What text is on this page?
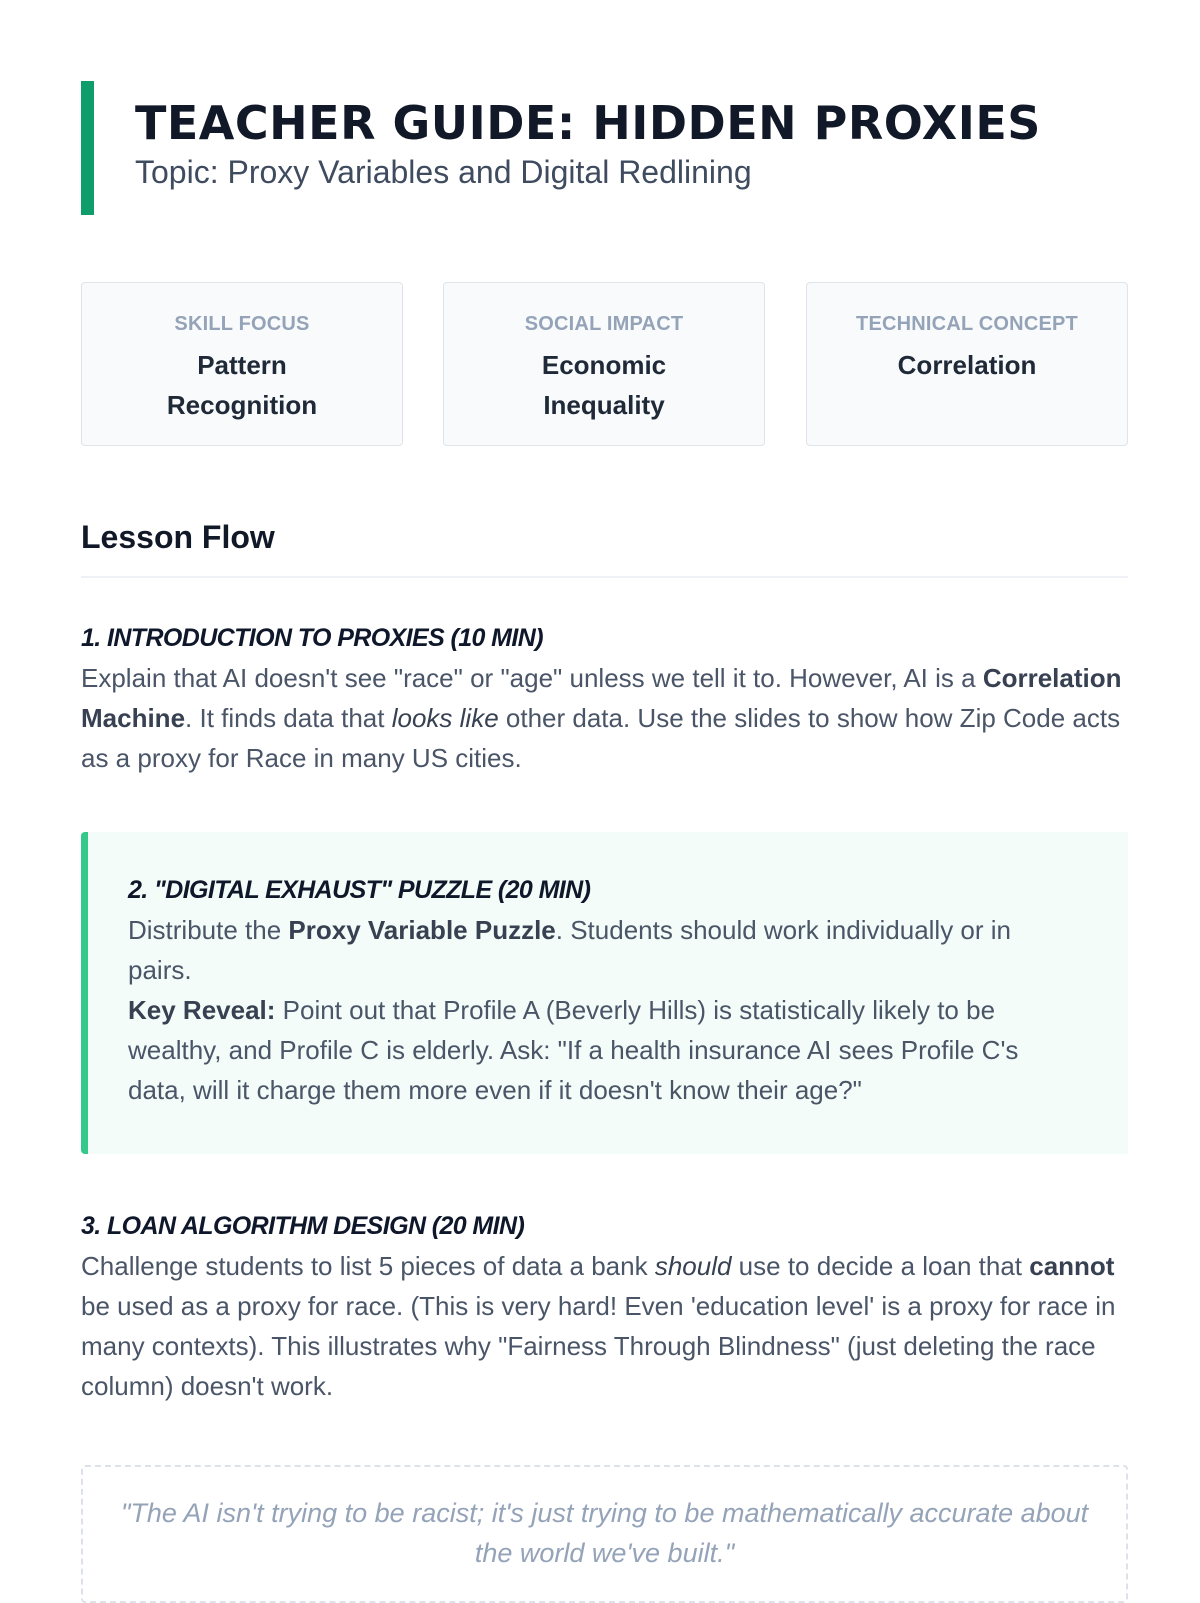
TEACHER GUIDE: HIDDEN PROXIES

Topic: Proxy Variables and Digital Redlining

SKILL FOCUS
Pattern Recognition
SOCIAL IMPACT
Economic Inequality
TECHNICAL CONCEPT
Correlation
Lesson Flow
1. INTRODUCTION TO PROXIES (10 MIN)

Explain that AI doesn't see "race" or "age" unless we tell it to. However, AI is a Correlation Machine. It finds data that looks like other data. Use the slides to show how Zip Code acts as a proxy for Race in many US cities.

2. "DIGITAL EXHAUST" PUZZLE (20 MIN)

Distribute the Proxy Variable Puzzle. Students should work individually or in pairs.
Key Reveal: Point out that Profile A (Beverly Hills) is statistically likely to be wealthy, and Profile C is elderly. Ask: "If a health insurance AI sees Profile C's data, will it charge them more even if it doesn't know their age?"

3. LOAN ALGORITHM DESIGN (20 MIN)

Challenge students to list 5 pieces of data a bank should use to decide a loan that cannot be used as a proxy for race. (This is very hard! Even 'education level' is a proxy for race in many contexts). This illustrates why "Fairness Through Blindness" (just deleting the race column) doesn't work.

"The AI isn't trying to be racist; it's just trying to be mathematically accurate about the world we've built."
